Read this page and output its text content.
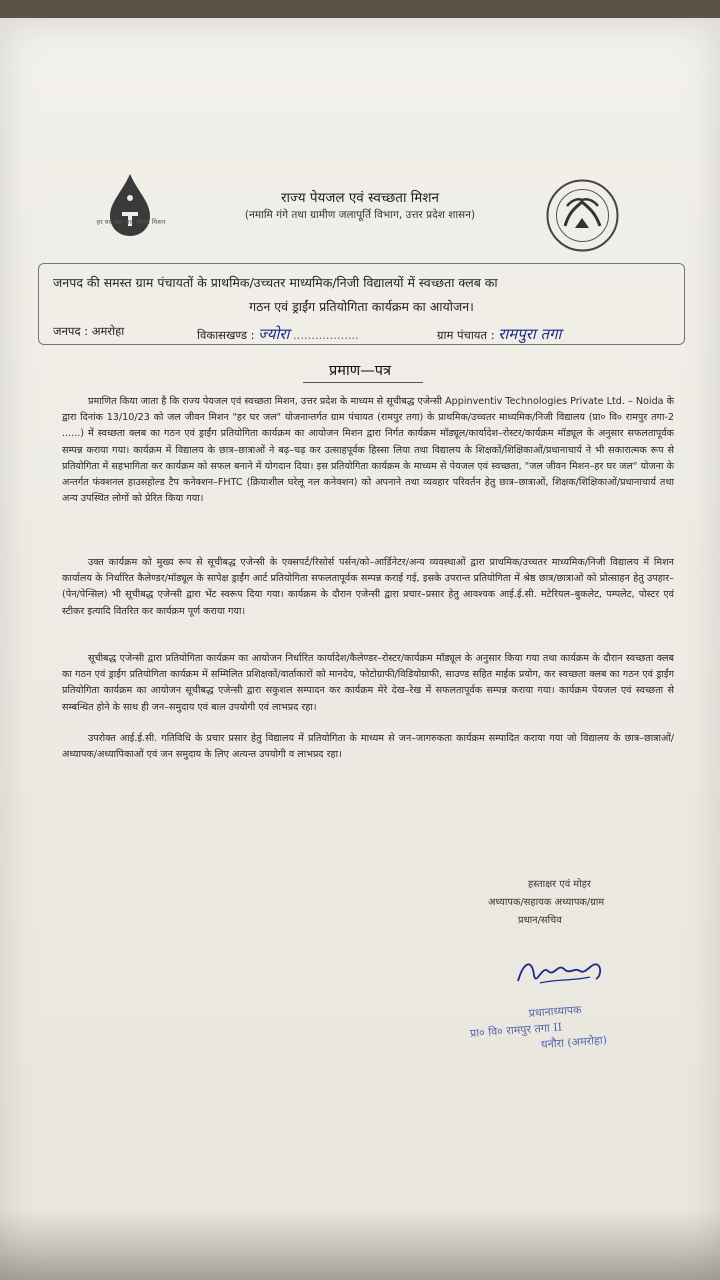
हर घर जल जल जीवन मिशन
राज्य पेयजल एवं स्वच्छता मिशन
(नमामि गंगे तथा ग्रामीण जलापूर्ति विभाग, उत्तर प्रदेश शासन)
जनपद की समस्त ग्राम पंचायतों के प्राथमिक/उच्चतर माध्यमिक/निजी विद्यालयों में स्वच्छता क्लब का
गठन एवं ड्राईंग प्रतियोगिता कार्यक्रम का आयोजन।
जनपद : अमरोहा	विकासखण्ड : ज्योरा ..................	ग्राम पंचायत : रामपुरा तगा
प्रमाण—पत्र
प्रमाणित किया जाता है कि राज्य पेयजल एवं स्वच्छता मिशन, उत्तर प्रदेश के माध्यम से सूचीबद्ध एजेन्सी Appinventiv Technologies Private Ltd. – Noida के द्वारा दिनांक 13/10/23 को जल जीवन मिशन "हर घर जल" योजनान्तर्गत ग्राम पंचायत (रामपुर तगा) के प्राथमिक/उच्चतर माध्यमिक/निजी विद्यालय (प्रा० वि० रामपुर तगा-2 ......) में स्वच्छता क्लब का गठन एवं ड्राईंग प्रतियोगिता कार्यक्रम का आयोजन मिशन द्वारा निर्गत कार्यक्रम मॉड्यूल/कार्यादेश–रोस्टर/कार्यक्रम मॉड्यूल के अनुसार सफलतापूर्वक सम्पन्न कराया गया। कार्यक्रम में विद्यालय के छात्र–छात्राओं ने बढ़–चढ़ कर उत्साहपूर्वक हिस्सा लिया तथा विद्यालय के शिक्षकों/शिक्षिकाओं/प्रधानाचार्य ने भी सकारात्मक रूप से प्रतियोगिता में सहभागिता कर कार्यक्रम को सफल बनाने में योगदान दिया। इस प्रतियोगिता कार्यक्रम के माध्यम से पेयजल एवं स्वच्छता, "जल जीवन मिशन–हर घर जल" योजना के अन्तर्गत फंक्शनल हाउसहोल्ड टैप कनेक्शन–FHTC (क्रियाशील घरेलू नल कनेक्शन) को अपनाने तथा व्यवहार परिवर्तन हेतु छात्र–छात्राओं, शिक्षक/शिक्षिकाओं/प्रधानाचार्य तथा अन्य उपस्थित लोगों को प्रेरित किया गया।
उक्त कार्यक्रम को मुख्य रूप से सूचीबद्ध एजेन्सी के एक्सपर्ट/रिसोर्स पर्सन/को–आर्डिनेटर/अन्य व्यवस्थाओं द्वारा प्राथमिक/उच्चतर माध्यमिक/निजी विद्यालय में मिशन कार्यालय के निर्धारित कैलेण्डर/मॉड्यूल के सापेक्ष ड्राईंग आर्ट प्रतियोगिता सफलतापूर्वक सम्पन्न कराई गई, इसके उपरान्त प्रतियोगिता में श्रेष्ठ छात्र/छात्राओं को प्रोत्साहन हेतु उपहार–(पेन/पेन्सिल) भी सूचीबद्ध एजेन्सी द्वारा भेंट स्वरूप दिया गया। कार्यक्रम के दौरान एजेन्सी द्वारा प्रचार–प्रसार हेतु आवश्यक आई.ई.सी. मटेरियल–बुकलेट, पम्पलेट, पोस्टर एवं स्टीकर इत्यादि वितरित कर कार्यक्रम पूर्ण कराया गया।
सूचीबद्ध एजेन्सी द्वारा प्रतियोगिता कार्यक्रम का आयोजन निर्धारित कार्यादेश/कैलेण्डर–रोस्टर/कार्यक्रम मॉड्यूल के अनुसार किया गया तथा कार्यक्रम के दौरान स्वच्छता क्लब का गठन एवं ड्राईंग प्रतियोगिता कार्यक्रम में सम्मिलित प्रशिक्षकों/वार्ताकारों को मानदेय, फोटोग्राफी/विडियोग्राफी, साउण्ड सहित माईक प्रयोग, कर स्वच्छता क्लब का गठन एवं ड्राईंग प्रतियोगिता कार्यक्रम का आयोजन सूचीबद्ध एजेन्सी द्वारा सकुशल सम्पादन कर कार्यक्रम मेरे देख–रेख में सफलतापूर्वक सम्पन्न कराया गया। कार्यक्रम पेयजल एवं स्वच्छता से सम्बन्धित होने के साथ ही जन–समुदाय एवं बाल उपयोगी एवं लाभप्रद रहा।
उपरोक्त आई.ई.सी. गतिविधि के प्रचार प्रसार हेतु विद्यालय में प्रतियोगिता के माध्यम से जन–जागरुकता कार्यक्रम सम्पादित कराया गया जो विद्यालय के छात्र–छात्राओं/अध्यापक/अध्यापिकाओं एवं जन समुदाय के लिए अत्यन्त उपयोगी व लाभप्रद रहा।
हस्ताक्षर एवं मोहर
अध्यापक/सहायक अध्यापक/ग्राम
प्रधान/सचिव
प्रधानाध्यापक
प्रा० वि० रामपुर तगा II
धनौरा (अमरोहा)
